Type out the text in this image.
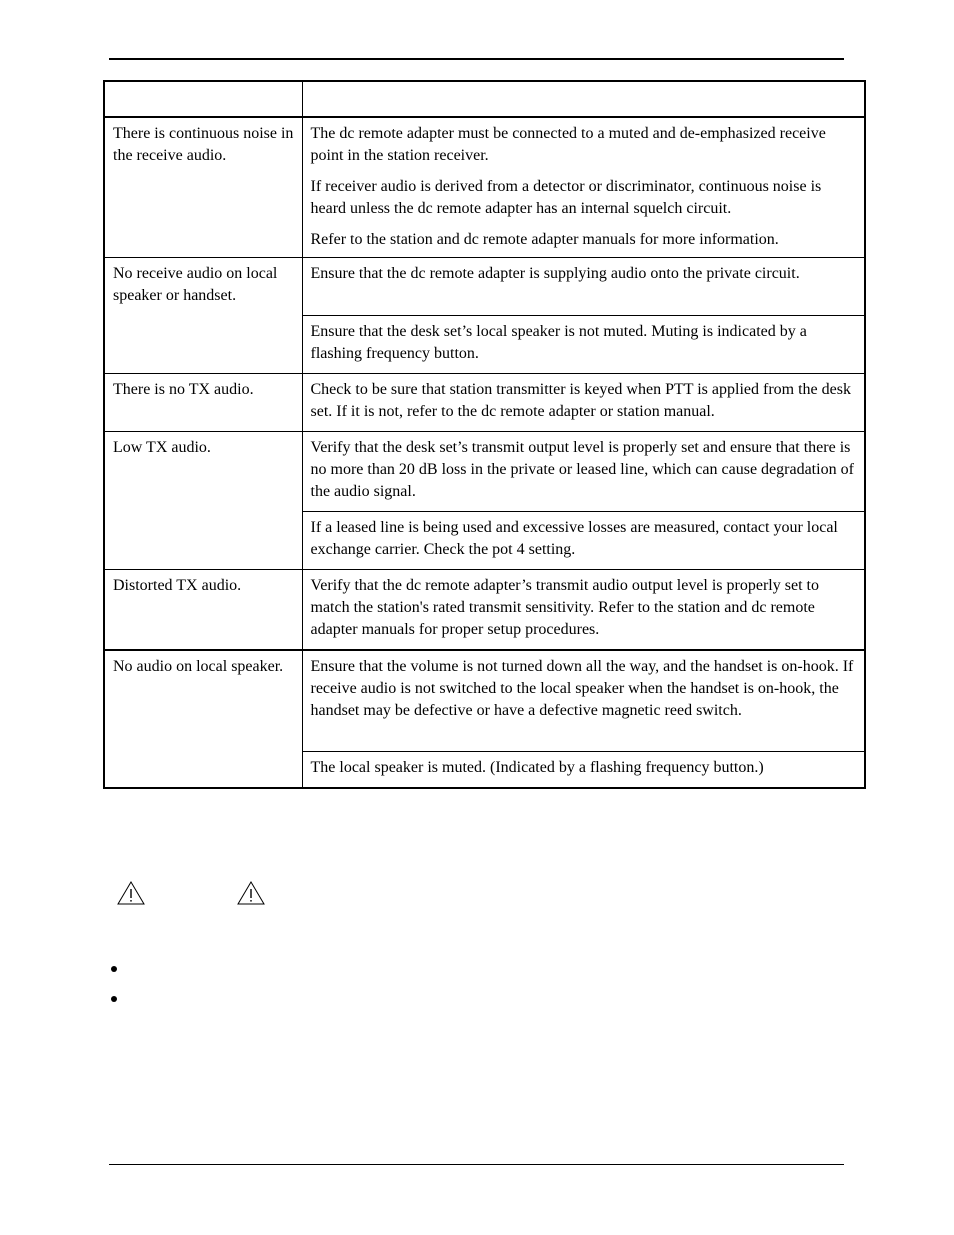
There is continuous noise in the receive audio.	The dc remote adapter must be connected to a muted and de-emphasized receive point in the station receiver.

If receiver audio is derived from a detector or discriminator, continuous noise is heard unless the dc remote adapter has an internal squelch circuit.

Refer to the station and dc remote adapter manuals for more information.

No receive audio on local speaker or handset.	Ensure that the dc remote adapter is supplying audio onto the private circuit.

	Ensure that the desk set’s local speaker is not muted. Muting is indicated by a flashing frequency button.

There is no TX audio.	Check to be sure that station transmitter is keyed when PTT is applied from the desk set. If it is not, refer to the dc remote adapter or station manual.

Low TX audio.	Verify that the desk set’s transmit output level is properly set and ensure that there is no more than 20 dB loss in the private or leased line, which can cause degradation of the audio signal.

	If a leased line is being used and excessive losses are measured, contact your local exchange carrier. Check the pot 4 setting.

Distorted TX audio.	Verify that the dc remote adapter’s transmit audio output level is properly set to match the station's rated transmit sensitivity. Refer to the station and dc remote adapter manuals for proper setup procedures.

No audio on local speaker.	Ensure that the volume is not turned down all the way, and the handset is on-hook. If receive audio is not switched to the local speaker when the handset is on-hook, the handset may be defective or have a defective magnetic reed switch.

	The local speaker is muted. (Indicated by a flashing frequency button.)
